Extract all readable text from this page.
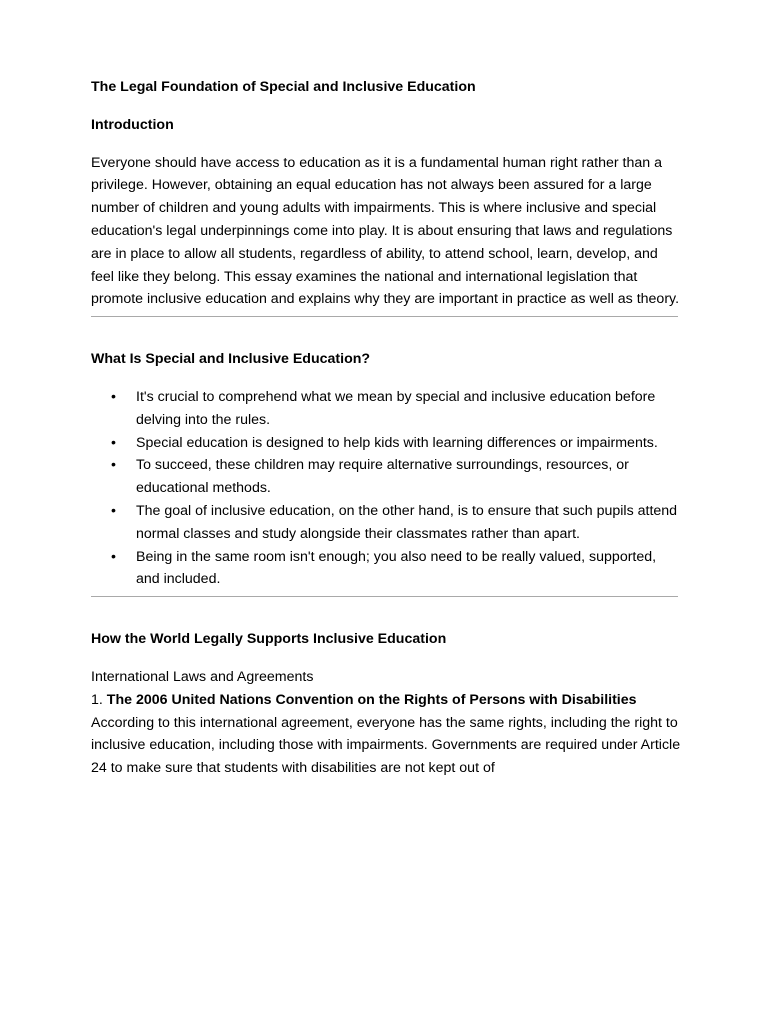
The Legal Foundation of Special and Inclusive Education

Introduction

Everyone should have access to education as it is a fundamental human right rather than a privilege. However, obtaining an equal education has not always been assured for a large number of children and young adults with impairments. This is where inclusive and special education's legal underpinnings come into play. It is about ensuring that laws and regulations are in place to allow all students, regardless of ability, to attend school, learn, develop, and feel like they belong. This essay examines the national and international legislation that promote inclusive education and explains why they are important in practice as well as theory.

What Is Special and Inclusive Education?

• It's crucial to comprehend what we mean by special and inclusive education before delving into the rules.
• Special education is designed to help kids with learning differences or impairments.
• To succeed, these children may require alternative surroundings, resources, or educational methods.
• The goal of inclusive education, on the other hand, is to ensure that such pupils attend normal classes and study alongside their classmates rather than apart.
• Being in the same room isn't enough; you also need to be really valued, supported, and included.

How the World Legally Supports Inclusive Education

International Laws and Agreements

1. The 2006 United Nations Convention on the Rights of Persons with Disabilities

According to this international agreement, everyone has the same rights, including the right to inclusive education, including those with impairments. Governments are required under Article 24 to make sure that students with disabilities are not kept out of
